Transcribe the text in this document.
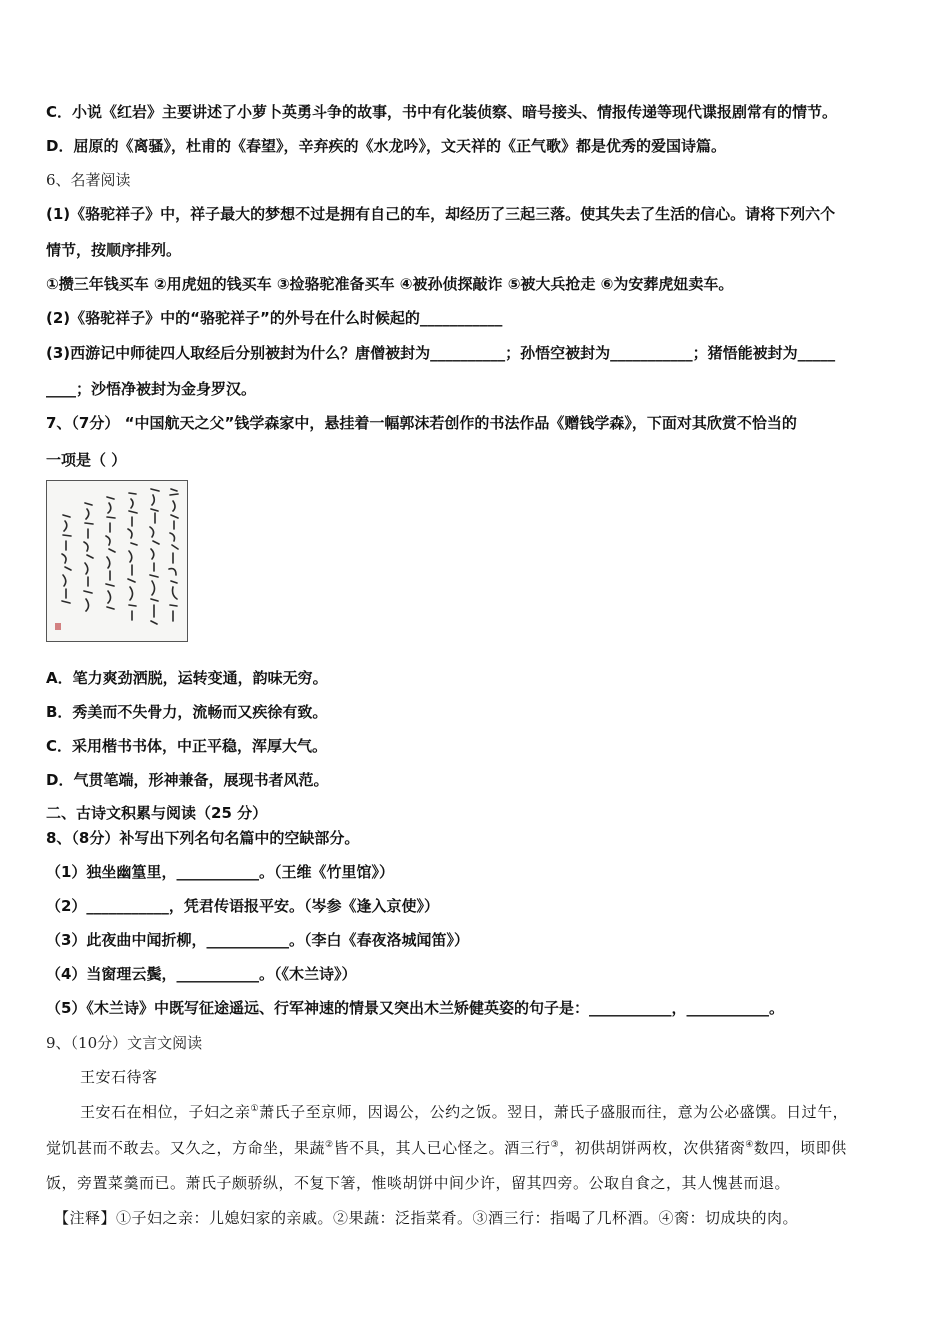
C．小说《红岩》主要讲述了小萝卜英勇斗争的故事，书中有化装侦察、暗号接头、情报传递等现代谍报剧常有的情节。
D．屈原的《离骚》，杜甫的《春望》，辛弃疾的《水龙吟》，文天祥的《正气歌》都是优秀的爱国诗篇。
6、名著阅读
(1)《骆驼祥子》中，祥子最大的梦想不过是拥有自己的车，却经历了三起三落。使其失去了生活的信心。请将下列六个
情节，按顺序排列。
①攒三年钱买车 ②用虎妞的钱买车 ③捡骆驼准备买车 ④被孙侦探敲诈 ⑤被大兵抢走 ⑥为安葬虎妞卖车。
(2)《骆驼祥子》中的“骆驼祥子”的外号在什么时候起的___________
(3)西游记中师徒四人取经后分别被封为什么？唐僧被封为__________；孙悟空被封为___________；猪悟能被封为_____
____；沙悟净被封为金身罗汉。
7、（7分） “中国航天之父”钱学森家中，悬挂着一幅郭沫若创作的书法作品《赠钱学森》，下面对其欣赏不恰当的
一项是（ ）
A．笔力爽劲洒脱，运转变通，韵味无穷。
B．秀美而不失骨力，流畅而又疾徐有致。
C．采用楷书书体，中正平稳，浑厚大气。
D．气贯笔端，形神兼备，展现书者风范。
二、古诗文积累与阅读（25 分）
8、（8分）补写出下列名句名篇中的空缺部分。
（1）独坐幽篁里，___________。（王维《竹里馆》）
（2）___________，凭君传语报平安。（岑参《逢入京使》）
（3）此夜曲中闻折柳，___________。（李白《春夜洛城闻笛》）
（4）当窗理云鬓，___________。（《木兰诗》）
（5）《木兰诗》中既写征途遥远、行军神速的情景又突出木兰矫健英姿的句子是：___________，___________。
9、（10分）文言文阅读
王安石待客
王安石在相位，子妇之亲①萧氏子至京师，因谒公，公约之饭。翌日，萧氏子盛服而往，意为公必盛馔。日过午，
觉饥甚而不敢去。又久之，方命坐，果蔬②皆不具，其人已心怪之。酒三行③，初供胡饼两枚，次供猪脔④数四，顷即供
饭，旁置菜羹而已。萧氏子颇骄纵，不复下箸，惟啖胡饼中间少许，留其四旁。公取自食之，其人愧甚而退。
【注释】①子妇之亲：儿媳妇家的亲戚。②果蔬：泛指菜肴。③酒三行：指喝了几杯酒。④脔：切成块的肉。
